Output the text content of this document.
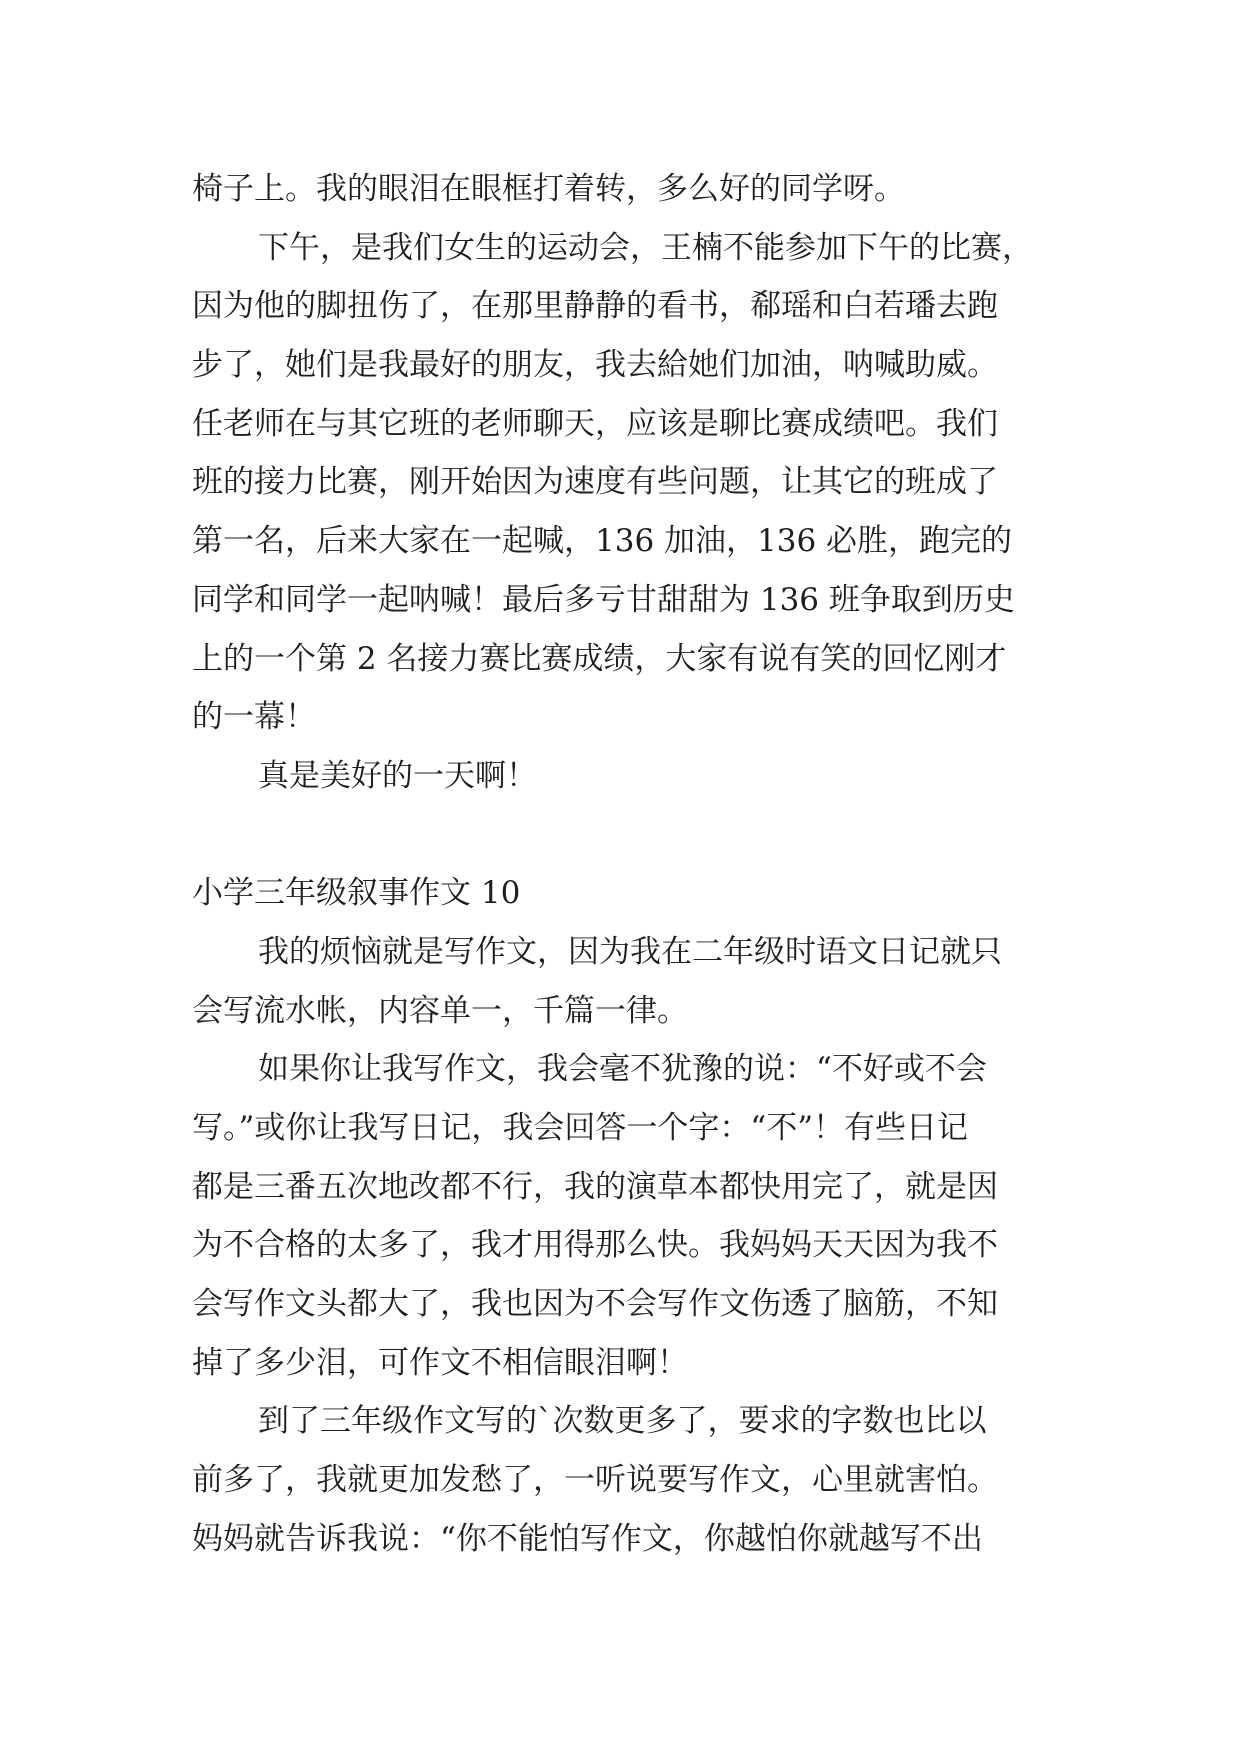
椅子上。我的眼泪在眼框打着转，多么好的同学呀。
下午，是我们女生的运动会，王楠不能参加下午的比赛，
因为他的脚扭伤了，在那里静静的看书，郗瑶和白若璠去跑
步了，她们是我最好的朋友，我去給她们加油，呐喊助威。
任老师在与其它班的老师聊天，应该是聊比赛成绩吧。我们
班的接力比赛，刚开始因为速度有些问题，让其它的班成了
第一名，后来大家在一起喊，136 加油，136 必胜，跑完的
同学和同学一起呐喊！最后多亏甘甜甜为 136 班争取到历史
上的一个第 2 名接力赛比赛成绩，大家有说有笑的回忆刚才
的一幕！
真是美好的一天啊！
小学三年级叙事作文 10
我的烦恼就是写作文，因为我在二年级时语文日记就只
会写流水帐，内容单一，千篇一律。
如果你让我写作文，我会毫不犹豫的说：“不好或不会
写。”或你让我写日记，我会回答一个字：“不”！有些日记
都是三番五次地改都不行，我的演草本都快用完了，就是因
为不合格的太多了，我才用得那么快。我妈妈天天因为我不
会写作文头都大了，我也因为不会写作文伤透了脑筋，不知
掉了多少泪，可作文不相信眼泪啊！
到了三年级作文写的`次数更多了，要求的字数也比以
前多了，我就更加发愁了，一听说要写作文，心里就害怕。
妈妈就告诉我说：“你不能怕写作文，你越怕你就越写不出
